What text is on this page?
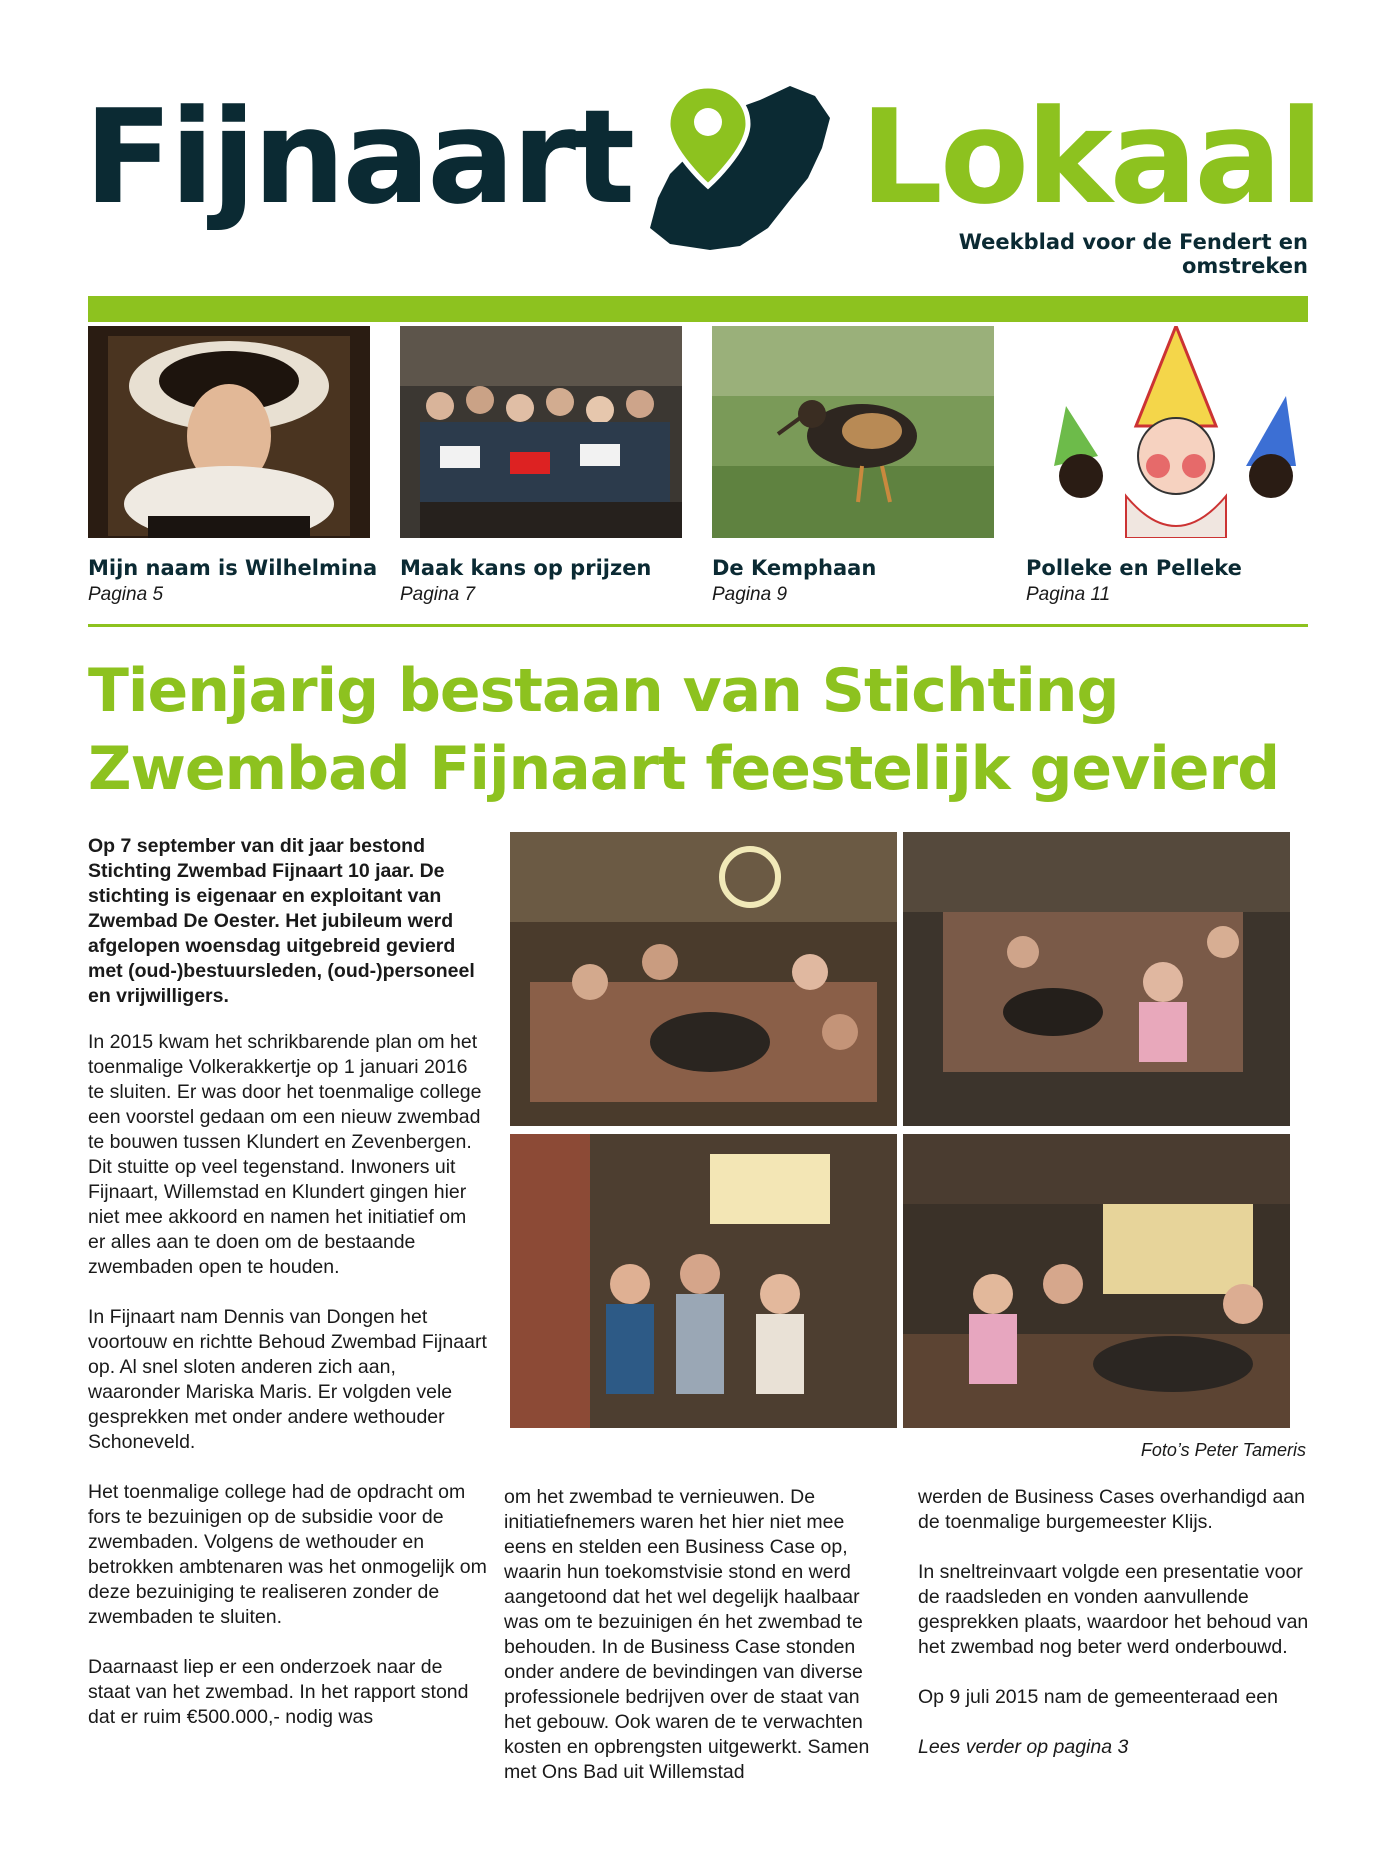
Fijnaart Lokaal
Weekblad voor de Fendert en omstreken
Mijn naam is Wilhelmina
Pagina 5
Maak kans op prijzen
Pagina 7
De Kemphaan
Pagina 9
Polleke en Pelleke
Pagina 11
Tienjarig bestaan van Stichting Zwembad Fijnaart feestelijk gevierd
Op 7 september van dit jaar bestond Stichting Zwembad Fijnaart 10 jaar. De stichting is eigenaar en exploitant van Zwembad De Oester. Het jubileum werd afgelopen woensdag uitgebreid gevierd met (oud-)bestuursleden, (oud-)personeel en vrijwilligers.

In 2015 kwam het schrikbarende plan om het toenmalige Volkerakkertje op 1 januari 2016 te sluiten. Er was door het toenmalige college een voorstel gedaan om een nieuw zwembad te bouwen tussen Klundert en Zevenbergen. Dit stuitte op veel tegenstand. Inwoners uit Fijnaart, Willemstad en Klundert gingen hier niet mee akkoord en namen het initiatief om er alles aan te doen om de bestaande zwembaden open te houden.

In Fijnaart nam Dennis van Dongen het voortouw en richtte Behoud Zwembad Fijnaart op. Al snel sloten anderen zich aan, waaronder Mariska Maris. Er volgden vele gesprekken met onder andere wethouder Schoneveld.

Het toenmalige college had de opdracht om fors te bezuinigen op de subsidie voor de zwembaden. Volgens de wethouder en betrokken ambtenaren was het onmogelijk om deze bezuiniging te realiseren zonder de zwembaden te sluiten.

Daarnaast liep er een onderzoek naar de staat van het zwembad. In het rapport stond dat er ruim €500.000,- nodig was

Foto’s Peter Tameris

om het zwembad te vernieuwen. De initiatiefnemers waren het hier niet mee eens en stelden een Business Case op, waarin hun toekomstvisie stond en werd aangetoond dat het wel degelijk haalbaar was om te bezuinigen én het zwembad te behouden. In de Business Case stonden onder andere de bevindingen van diverse professionele bedrijven over de staat van het gebouw. Ook waren de te verwachten kosten en opbrengsten uitgewerkt. Samen met Ons Bad uit Willemstad

werden de Business Cases overhandigd aan de toenmalige burgemeester Klijs.

In sneltreinvaart volgde een presentatie voor de raadsleden en vonden aanvullende gesprekken plaats, waardoor het behoud van het zwembad nog beter werd onderbouwd.

Op 9 juli 2015 nam de gemeenteraad een

Lees verder op pagina 3
